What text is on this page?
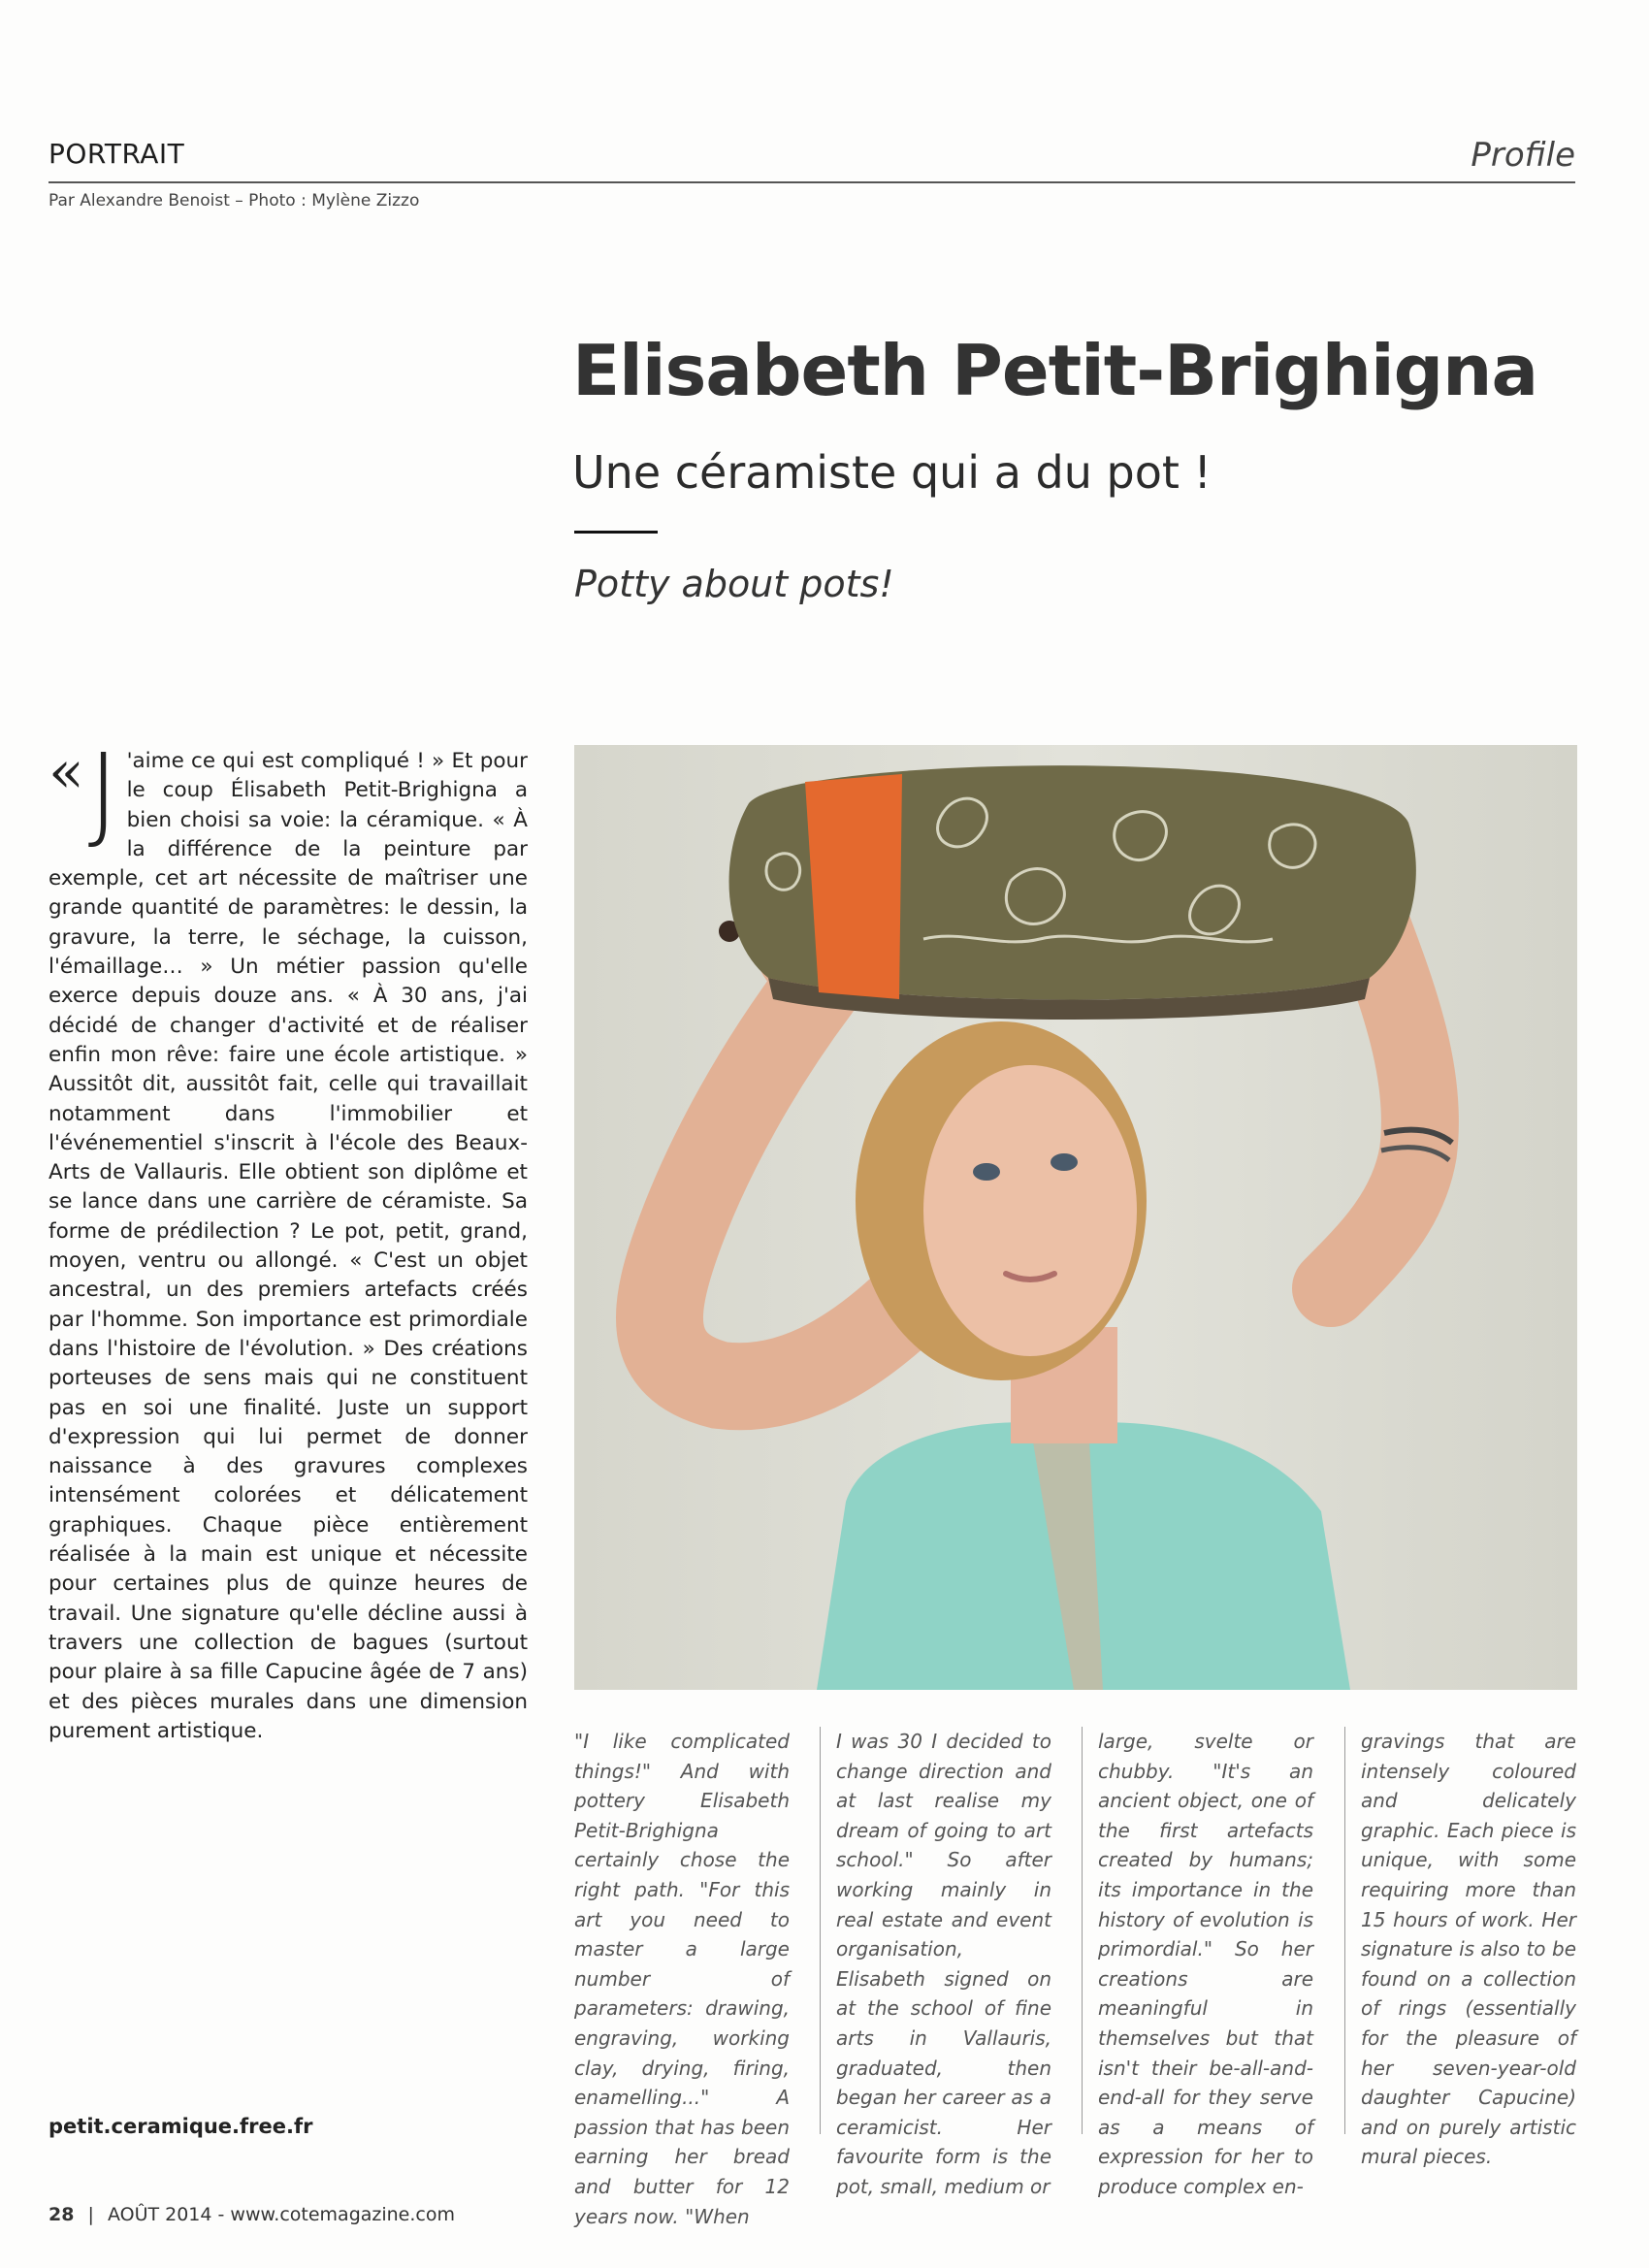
PORTRAIT	Profile
Par Alexandre Benoist – Photo : Mylène Zizzo
Elisabeth Petit-Brighigna
Une céramiste qui a du pot !
Potty about pots!
« J 'aime ce qui est compliqué ! » Et pour le coup Élisabeth Petit-Brighigna a bien choisi sa voie: la céramique. « À la différence de la peinture par exemple, cet art nécessite de maîtriser une grande quantité de paramètres: le dessin, la gravure, la terre, le séchage, la cuisson, l'émaillage… » Un métier passion qu'elle exerce depuis douze ans. « À 30 ans, j'ai décidé de changer d'activité et de réaliser enfin mon rêve: faire une école artistique. » Aussitôt dit, aussitôt fait, celle qui travaillait notamment dans l'immobilier et l'événementiel s'inscrit à l'école des Beaux-Arts de Vallauris. Elle obtient son diplôme et se lance dans une carrière de céramiste. Sa forme de prédilection ? Le pot, petit, grand, moyen, ventru ou allongé. « C'est un objet ancestral, un des premiers artefacts créés par l'homme. Son importance est primordiale dans l'histoire de l'évolution. » Des créations porteuses de sens mais qui ne constituent pas en soi une finalité. Juste un support d'expression qui lui permet de donner naissance à des gravures complexes intensément colorées et délicatement graphiques. Chaque pièce entièrement réalisée à la main est unique et nécessite pour certaines plus de quinze heures de travail. Une signature qu'elle décline aussi à travers une collection de bagues (surtout pour plaire à sa fille Capucine âgée de 7 ans) et des pièces murales dans une dimension purement artistique.	"I like complicated things!" And with pottery Elisabeth Petit-Brighigna certainly chose the right path. "For this art you need to master a large number of parameters: drawing, engraving, working clay, drying, firing, enamelling..." A passion that has been earning her bread and butter for 12 years now. "When
I was 30 I decided to change direction and at last realise my dream of going to art school." So after working mainly in real estate and event organisation, Elisabeth signed on at the school of fine arts in Vallauris, graduated, then began her career as a ceramicist. Her favourite form is the pot, small, medium or
large, svelte or chubby. "It's an ancient object, one of the first artefacts created by humans; its importance in the history of evolution is primordial." So her creations are meaningful in themselves but that isn't their be-all-and-end-all for they serve as a means of expression for her to produce complex en-
gravings that are intensely coloured and delicately graphic. Each piece is unique, with some requiring more than 15 hours of work. Her signature is also to be found on a collection of rings (essentially for the pleasure of her seven-year-old daughter Capucine) and on purely artistic mural pieces.
petit.ceramique.free.fr
28 | AOÛT 2014 - www.cotemagazine.com
